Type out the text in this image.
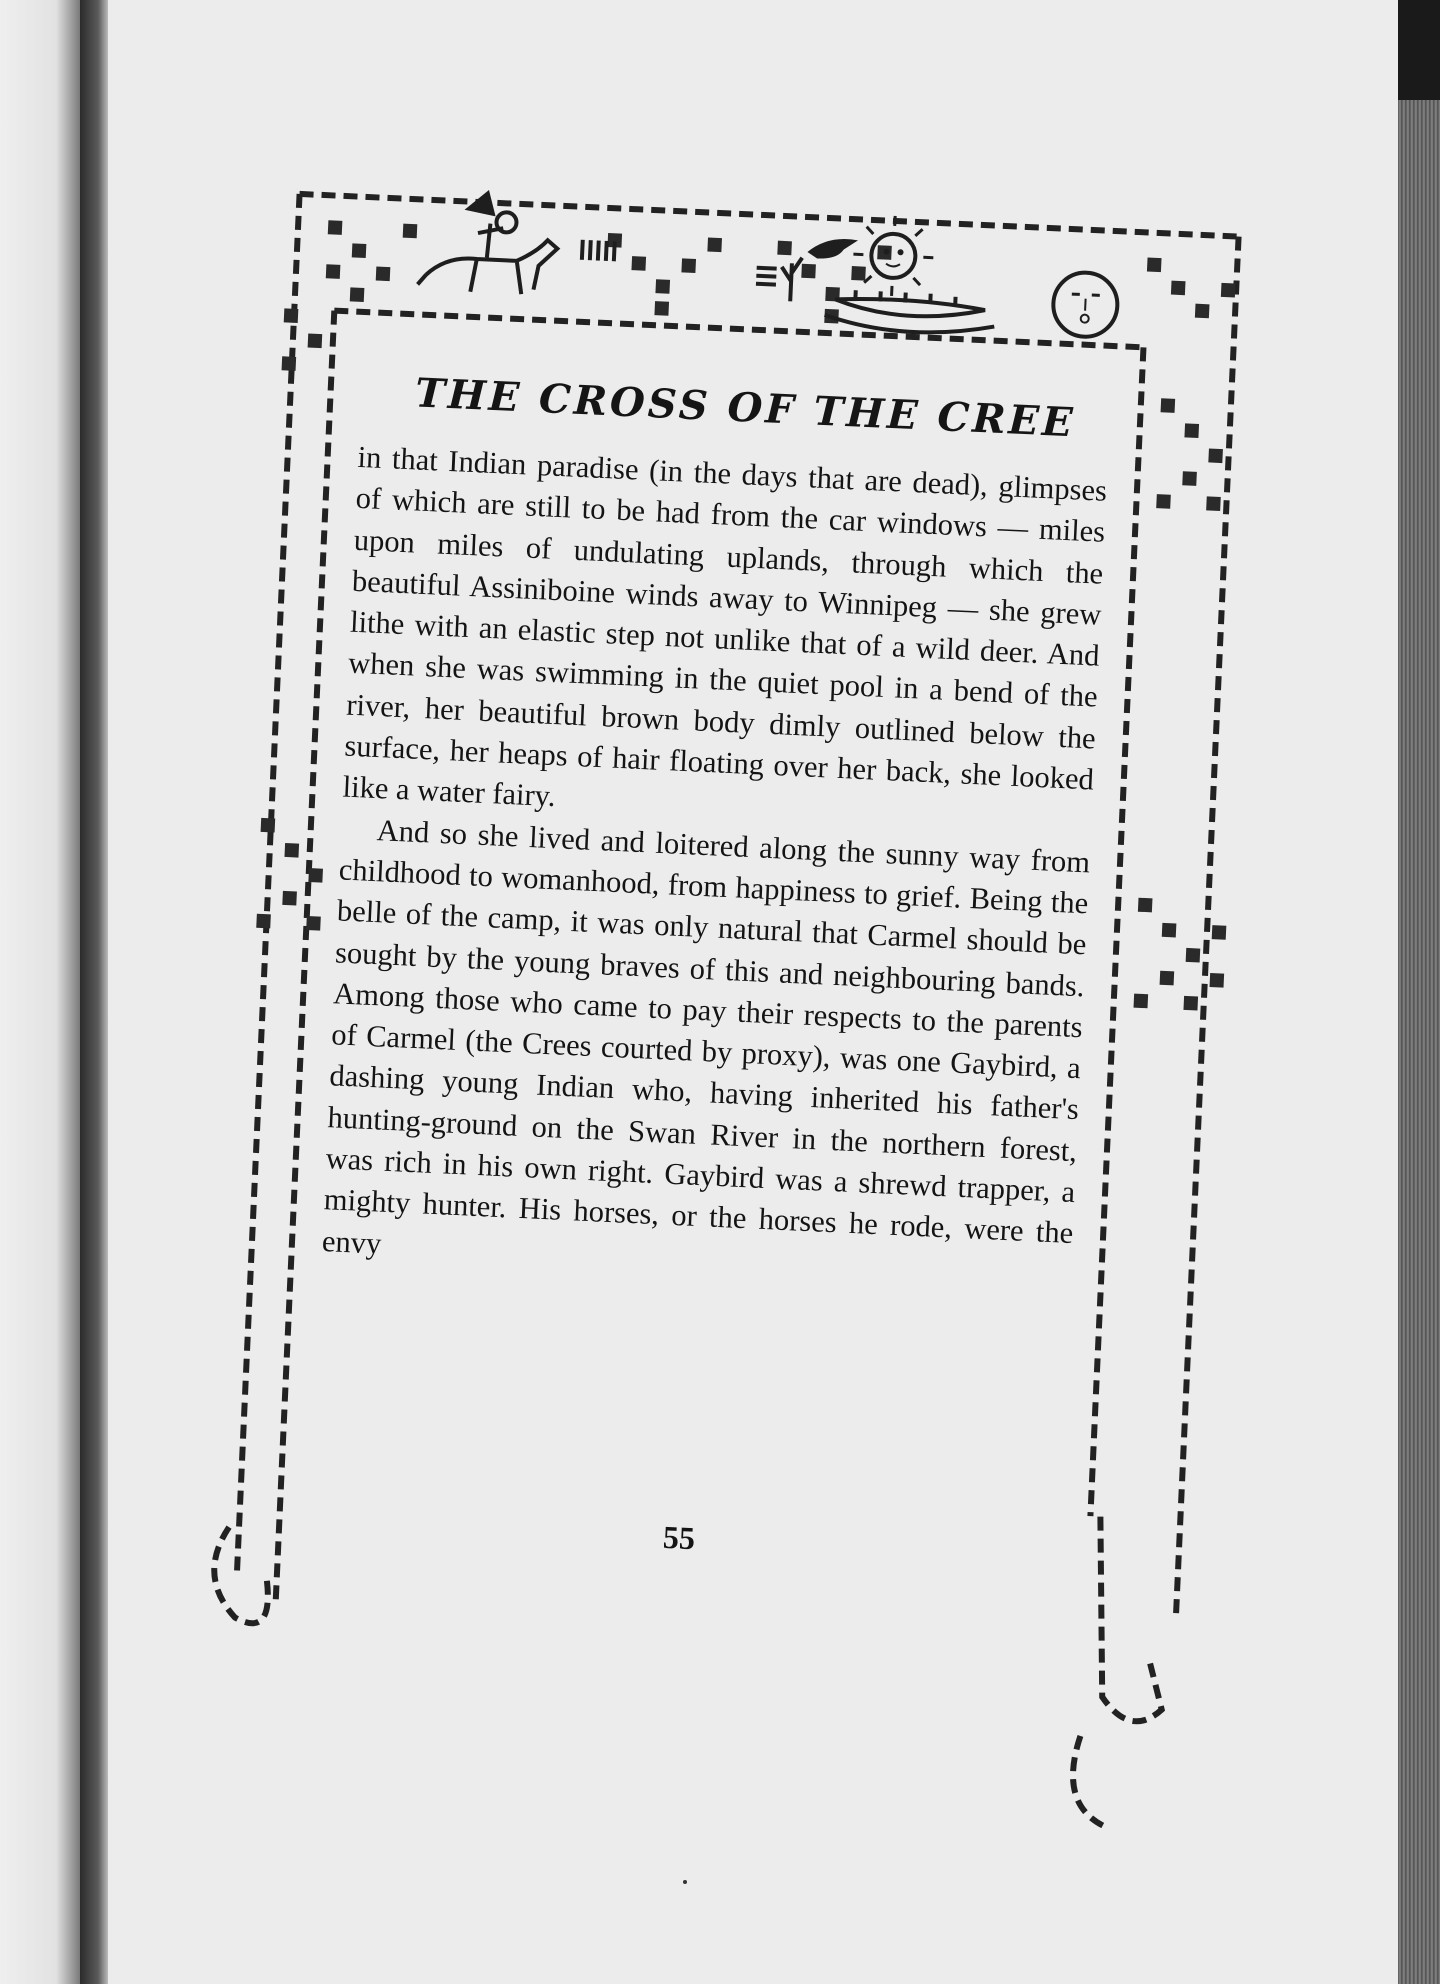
THE CROSS OF THE CREE

in that Indian paradise (in the days that are dead), glimpses of which are still to be had from the car windows — miles upon miles of undulating uplands, through which the beautiful Assiniboine winds away to Winnipeg — she grew lithe with an elastic step not unlike that of a wild deer. And when she was swimming in the quiet pool in a bend of the river, her beautiful brown body dimly outlined below the surface, her heaps of hair floating over her back, she looked like a water fairy.

And so she lived and loitered along the sunny way from childhood to womanhood, from happiness to grief. Being the belle of the camp, it was only natural that Carmel should be sought by the young braves of this and neighbouring bands. Among those who came to pay their respects to the parents of Carmel (the Crees courted by proxy), was one Gaybird, a dashing young Indian who, having inherited his father's hunting-ground on the Swan River in the northern forest, was rich in his own right. Gaybird was a shrewd trapper, a mighty hunter. His horses, or the horses he rode, were the envy

55
